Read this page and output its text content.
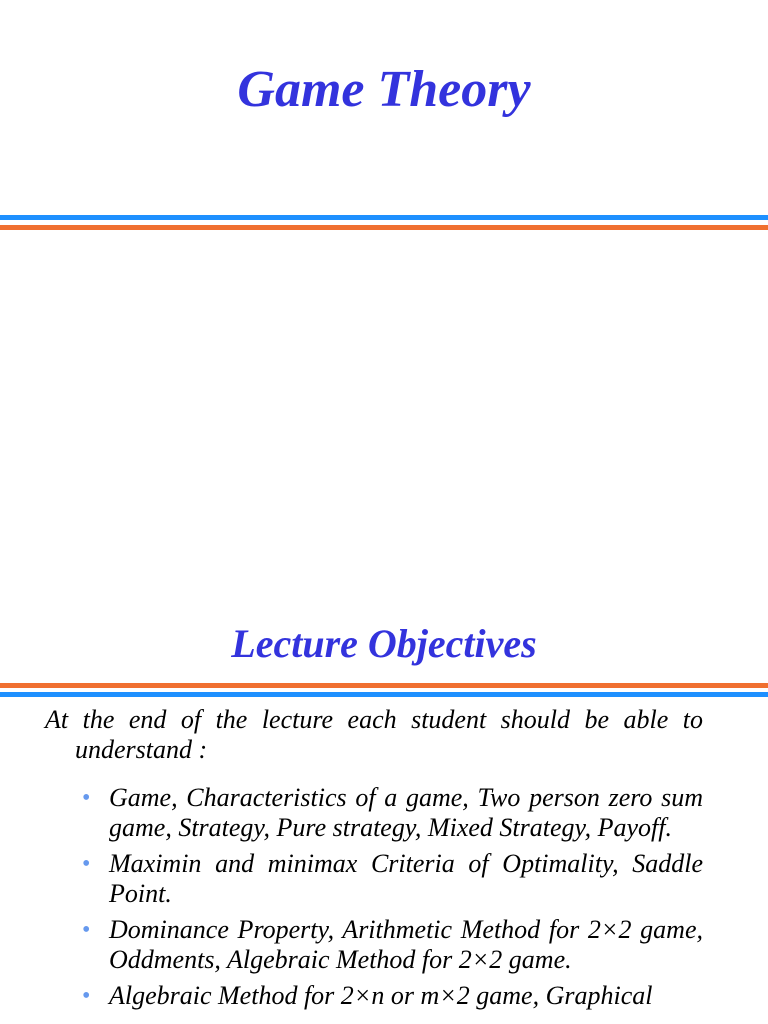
Game Theory
Lecture Objectives

At the end of the lecture each student should be able to
understand :

• Game, Characteristics of a game, Two person zero sum game, Strategy, Pure strategy, Mixed Strategy, Payoff.
• Maximin and minimax Criteria of Optimality, Saddle Point.
• Dominance Property, Arithmetic Method for 2×2 game, Oddments, Algebraic Method for 2×2 game.
• Algebraic Method for 2×n or m×2 game, Graphical
